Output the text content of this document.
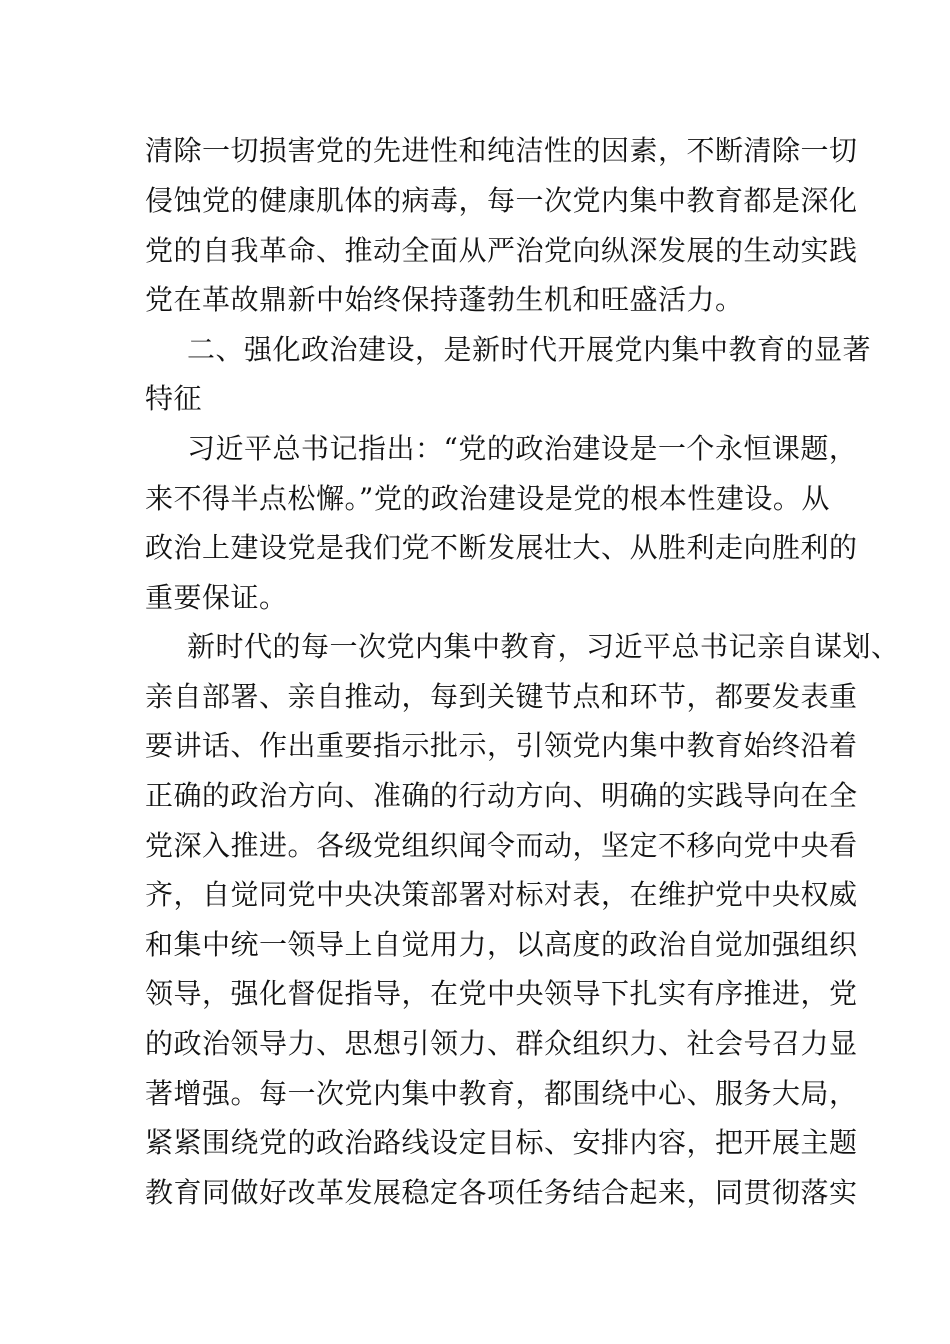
清除一切损害党的先进性和纯洁性的因素，不断清除一切
侵蚀党的健康肌体的病毒，每一次党内集中教育都是深化
党的自我革命、推动全面从严治党向纵深发展的生动实践
党在革故鼎新中始终保持蓬勃生机和旺盛活力。
二、强化政治建设，是新时代开展党内集中教育的显著
特征
习近平总书记指出：“党的政治建设是一个永恒课题，
来不得半点松懈。”党的政治建设是党的根本性建设。从
政治上建设党是我们党不断发展壮大、从胜利走向胜利的
重要保证。
新时代的每一次党内集中教育，习近平总书记亲自谋划、
亲自部署、亲自推动，每到关键节点和环节，都要发表重
要讲话、作出重要指示批示，引领党内集中教育始终沿着
正确的政治方向、准确的行动方向、明确的实践导向在全
党深入推进。各级党组织闻令而动，坚定不移向党中央看
齐，自觉同党中央决策部署对标对表，在维护党中央权威
和集中统一领导上自觉用力，以高度的政治自觉加强组织
领导，强化督促指导，在党中央领导下扎实有序推进，党
的政治领导力、思想引领力、群众组织力、社会号召力显
著增强。每一次党内集中教育，都围绕中心、服务大局，
紧紧围绕党的政治路线设定目标、安排内容，把开展主题
教育同做好改革发展稳定各项任务结合起来，同贯彻落实
